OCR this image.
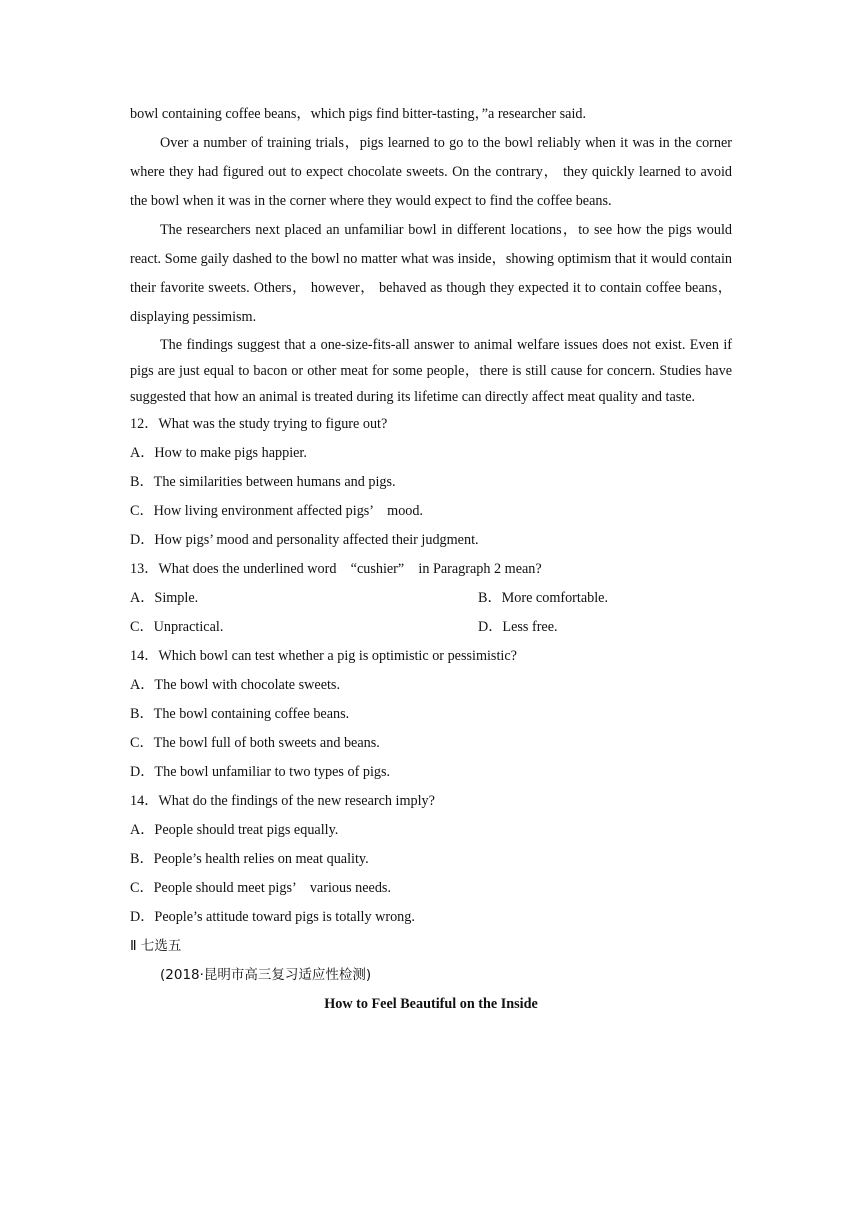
bowl containing coffee beans，which pigs find bitter-tasting，”a researcher said.

Over a number of training trials，pigs learned to go to the bowl reliably when it was in the corner where they had figured out to expect chocolate sweets. On the contrary， they quickly learned to avoid the bowl when it was in the corner where they would expect to find the coffee beans.

The researchers next placed an unfamiliar bowl in different locations，to see how the pigs would react. Some gaily dashed to the bowl no matter what was inside，showing optimism that it would contain their favorite sweets. Others， however， behaved as though they expected it to contain coffee beans，displaying pessimism.

The findings suggest that a one-size-fits-all answer to animal welfare issues does not exist. Even if pigs are just equal to bacon or other meat for some people，there is still cause for concern. Studies have suggested that how an animal is treated during its lifetime can directly affect meat quality and taste.

12．What was the study trying to figure out?

A．How to make pigs happier.

B．The similarities between humans and pigs.

C．How living environment affected pigs’　mood.

D．How pigs’ mood and personality affected their judgment.

13．What does the underlined word　“cushier”　in Paragraph 2 mean?

A．Simple.	B．More comfortable.
C．Unpractical.	D．Less free.

14．Which bowl can test whether a pig is optimistic or pessimistic?

A．The bowl with chocolate sweets.

B．The bowl containing coffee beans.

C．The bowl full of both sweets and beans.

D．The bowl unfamiliar to two types of pigs.

14．What do the findings of the new research imply?

A．People should treat pigs equally.

B．People’s health relies on meat quality.

C．People should meet pigs’　various needs.

D．People’s attitude toward pigs is totally wrong.

Ⅱ 七选五

(2018·昆明市高三复习适应性检测)

How to Feel Beautiful on the Inside
